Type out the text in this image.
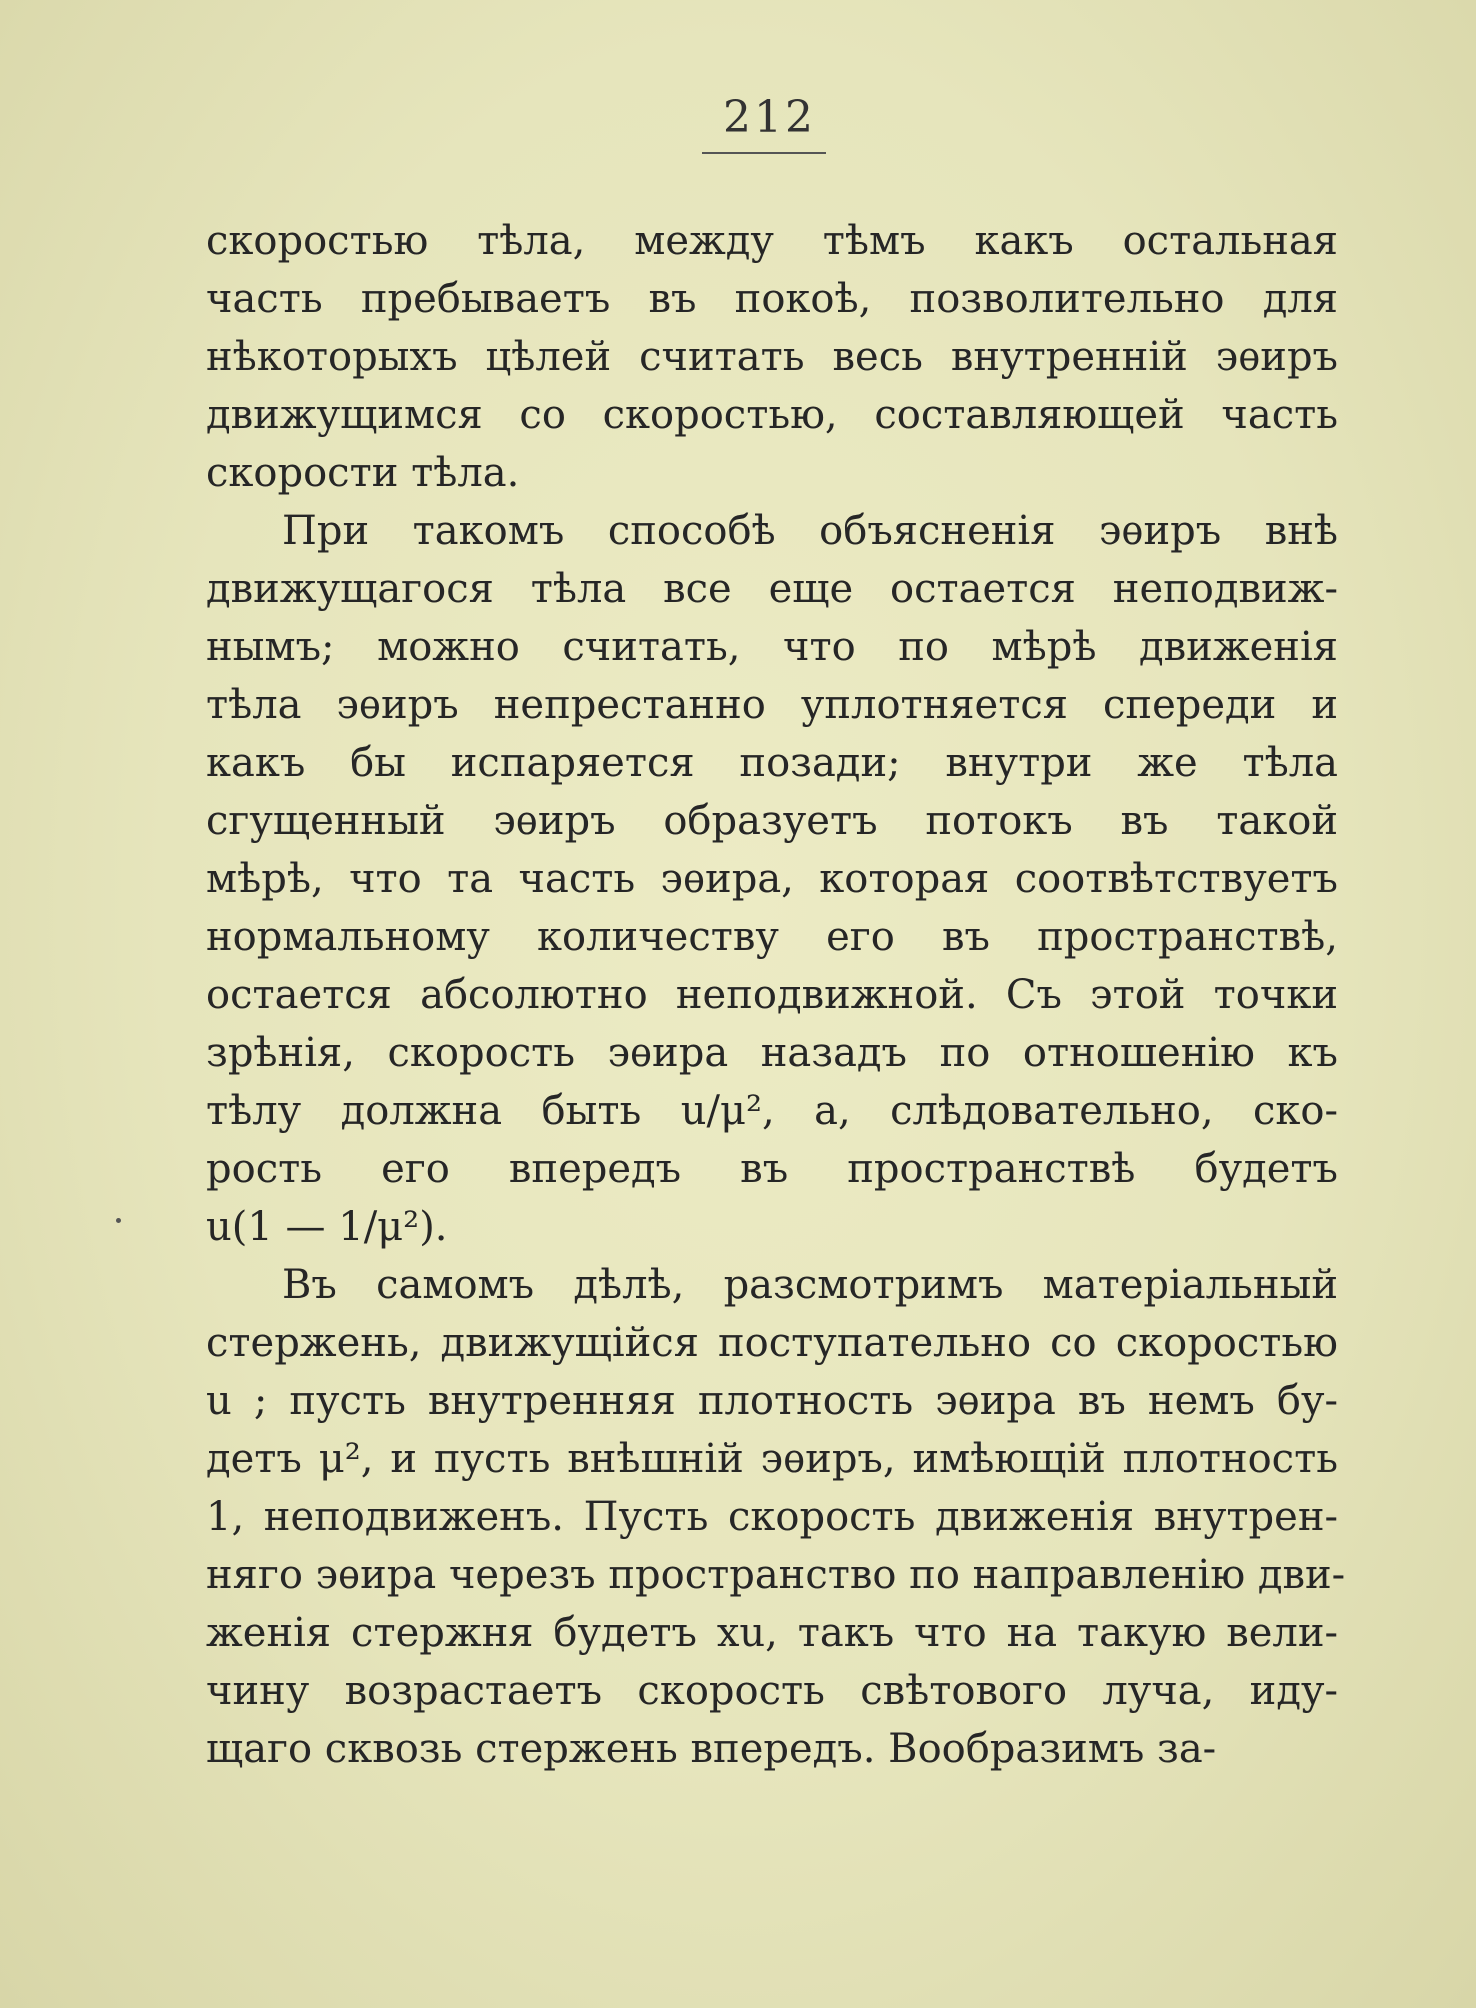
212
скоростью тѣла, между тѣмъ какъ остальная
часть пребываетъ въ покоѣ, позволительно для
нѣкоторыхъ цѣлей считать весь внутренній эѳиръ
движущимся со скоростью, составляющей часть
скорости тѣла.
При такомъ способѣ объясненія эѳиръ внѣ
движущагося тѣла все еще остается неподвиж-
нымъ; можно считать, что по мѣрѣ движенія
тѣла эѳиръ непрестанно уплотняется спереди и
какъ бы испаряется позади; внутри же тѣла
сгущенный эѳиръ образуетъ потокъ въ такой
мѣрѣ, что та часть эѳира, которая соотвѣтствуетъ
нормальному количеству его въ пространствѣ,
остается абсолютно неподвижной. Съ этой точки
зрѣнія, скорость эѳира назадъ по отношенію къ
тѣлу должна быть u/μ², а, слѣдовательно, ско-
рость его впередъ въ пространствѣ будетъ
u(1 — 1/μ²).
Въ самомъ дѣлѣ, разсмотримъ матеріальный
стержень, движущійся поступательно со скоростью
u ; пусть внутренняя плотность эѳира въ немъ бу-
детъ μ², и пусть внѣшній эѳиръ, имѣющій плотность
1, неподвиженъ. Пусть скорость движенія внутрен-
няго эѳира черезъ пространство по направленію дви-
женія стержня будетъ xu, такъ что на такую вели-
чину возрастаетъ скорость свѣтового луча, иду-
щаго сквозь стержень впередъ. Вообразимъ за-
